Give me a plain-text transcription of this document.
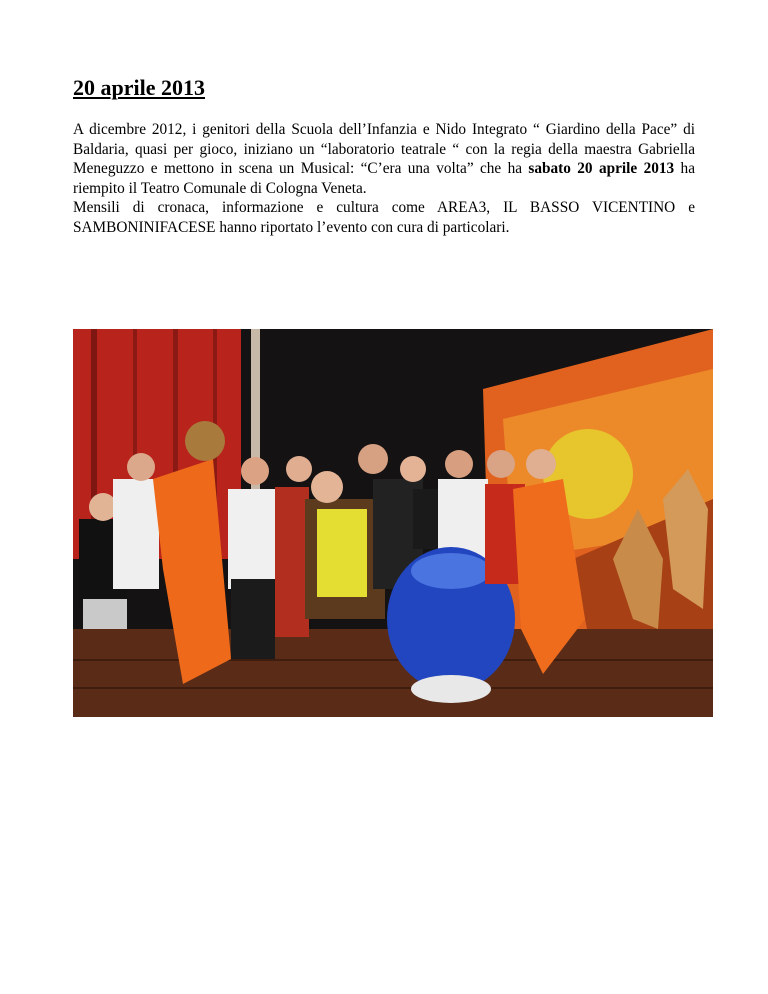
20 aprile 2013

A dicembre 2012, i genitori della Scuola dell’Infanzia e Nido Integrato “ Giardino della Pace” di Baldaria, quasi per gioco, iniziano un “laboratorio teatrale “ con la regia della maestra Gabriella Meneguzzo e mettono in scena un Musical: “C’era una volta” che ha sabato 20 aprile 2013 ha riempito il Teatro Comunale di Cologna Veneta.

Mensili di cronaca, informazione e cultura come AREA3, IL BASSO VICENTINO e SAMBONINIFACESE hanno riportato l’evento con cura di particolari.
